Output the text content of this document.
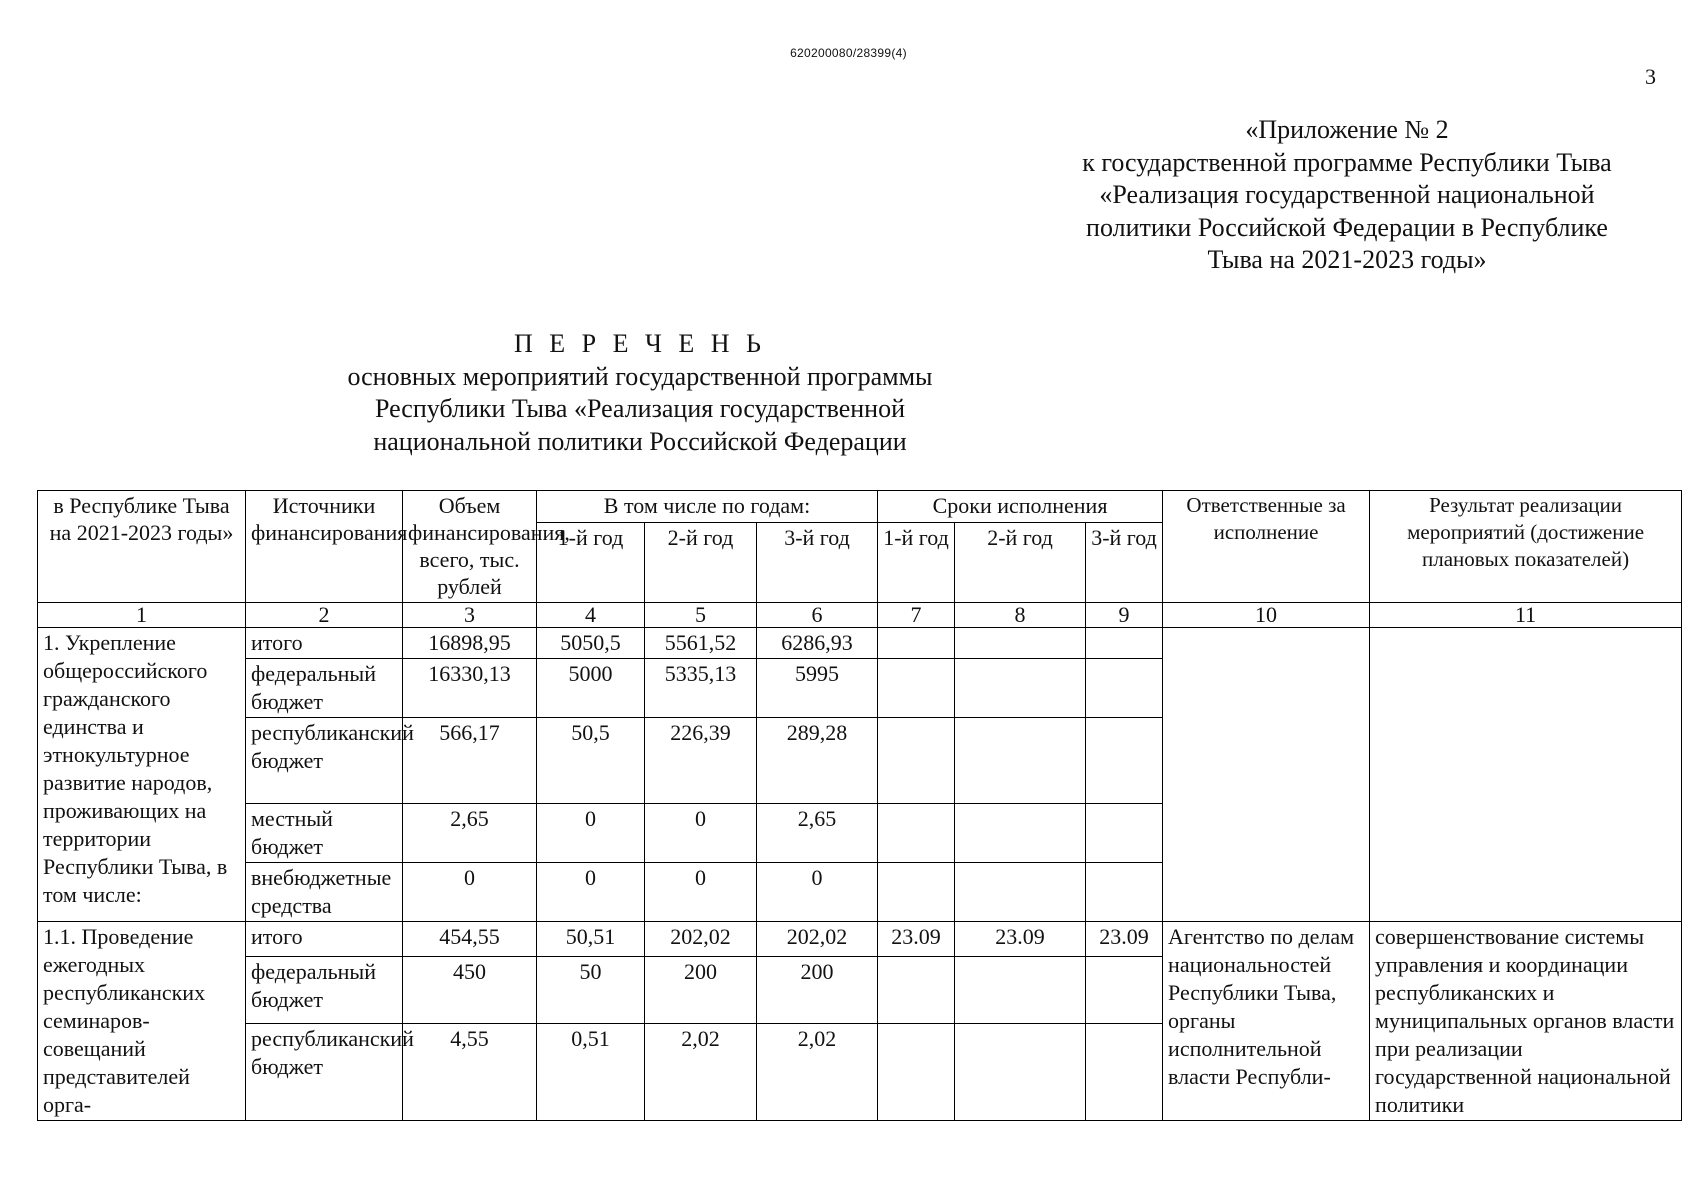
620200080/28399(4)
3
«Приложение № 2
к государственной программе Республики Тыва
«Реализация государственной национальной
политики Российской Федерации в Республике
Тыва на 2021-2023 годы»
П Е Р Е Ч Е Н Ь
основных мероприятий государственной программы
Республики Тыва «Реализация государственной
национальной политики Российской Федерации
в Республике Тыва на 2021-2023 годы»	Источники финансирования	Объем финансирования, всего, тыс. рублей	В том числе по годам:			Сроки исполнения			Ответственные за исполнение	Результат реализации мероприятий (достижение плановых показателей)
			1-й год	2-й год	3-й год	1-й год	2-й год	3-й год		
1	2	3	4	5	6	7	8	9	10	11
1. Укрепление общероссийского гражданского единства и этнокультурное развитие народов, проживающих на территории Республики Тыва, в том числе:	итого	16898,95	5050,5	5561,52	6286,93					
	федеральный бюджет	16330,13	5000	5335,13	5995					
	республиканский бюджет	566,17	50,5	226,39	289,28					
	местный бюджет	2,65	0	0	2,65					
	внебюджетные средства	0	0	0	0					
1.1. Проведение ежегодных республиканских семинаров-совещаний представителей орга-	итого	454,55	50,51	202,02	202,02	23.09	23.09	23.09	Агентство по делам национальностей Республики Тыва, органы исполнительной власти Республи-	совершенствование системы управления и координации республиканских и муниципальных органов власти при реализации государственной национальной политики
	федеральный бюджет	450	50	200	200					
	республиканский бюджет	4,55	0,51	2,02	2,02					
